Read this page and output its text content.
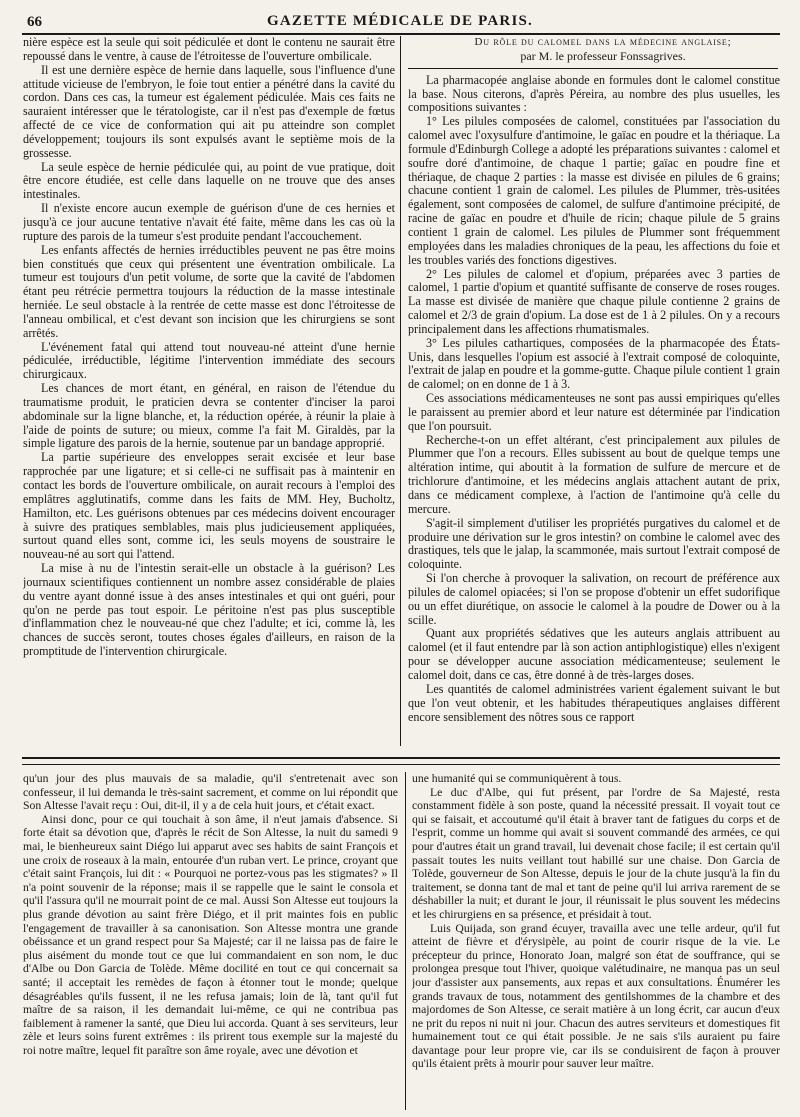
66	GAZETTE MÉDICALE DE PARIS.

nière espèce est la seule qui soit pédiculée et dont le contenu ne saurait être repoussé dans le ventre, à cause de l'étroitesse de l'ouverture ombilicale.

Il est une dernière espèce de hernie dans laquelle, sous l'influence d'une attitude vicieuse de l'embryon, le foie tout entier a pénétré dans la cavité du cordon. Dans ces cas, la tumeur est également pédiculée. Mais ces faits ne sauraient intéresser que le tératologiste, car il n'est pas d'exemple de fœtus affecté de ce vice de conformation qui ait pu atteindre son complet développement; toujours ils sont expulsés avant le septième mois de la grossesse.

La seule espèce de hernie pédiculée qui, au point de vue pratique, doit être encore étudiée, est celle dans laquelle on ne trouve que des anses intestinales.

Il n'existe encore aucun exemple de guérison d'une de ces hernies et jusqu'à ce jour aucune tentative n'avait été faite, même dans les cas où la rupture des parois de la tumeur s'est produite pendant l'accouchement.

Les enfants affectés de hernies irréductibles peuvent ne pas être moins bien constitués que ceux qui présentent une éventration ombilicale. La tumeur est toujours d'un petit volume, de sorte que la cavité de l'abdomen étant peu rétrécie permettra toujours la réduction de la masse intestinale herniée. Le seul obstacle à la rentrée de cette masse est donc l'étroitesse de l'anneau ombilical, et c'est devant son incision que les chirurgiens se sont arrêtés.

L'événement fatal qui attend tout nouveau-né atteint d'une hernie pédiculée, irréductible, légitime l'intervention immédiate des secours chirurgicaux.

Les chances de mort étant, en général, en raison de l'étendue du traumatisme produit, le praticien devra se contenter d'inciser la paroi abdominale sur la ligne blanche, et, la réduction opérée, à réunir la plaie à l'aide de points de suture; ou mieux, comme l'a fait M. Giraldès, par la simple ligature des parois de la hernie, soutenue par un bandage approprié.

La partie supérieure des enveloppes serait excisée et leur base rapprochée par une ligature; et si celle-ci ne suffisait pas à maintenir en contact les bords de l'ouverture ombilicale, on aurait recours à l'emploi des emplâtres agglutinatifs, comme dans les faits de MM. Hey, Bucholtz, Hamilton, etc. Les guérisons obtenues par ces médecins doivent encourager à suivre des pratiques semblables, mais plus judicieusement appliquées, surtout quand elles sont, comme ici, les seuls moyens de soustraire le nouveau-né au sort qui l'attend.

La mise à nu de l'intestin serait-elle un obstacle à la guérison? Les journaux scientifiques contiennent un nombre assez considérable de plaies du ventre ayant donné issue à des anses intestinales et qui ont guéri, pour qu'on ne perde pas tout espoir. Le péritoine n'est pas plus susceptible d'inflammation chez le nouveau-né que chez l'adulte; et ici, comme là, les chances de succès seront, toutes choses égales d'ailleurs, en raison de la promptitude de l'intervention chirurgicale.

Du rôle du calomel dans la médecine anglaise;

par M. le professeur Fonssagrives.

La pharmacopée anglaise abonde en formules dont le calomel constitue la base. Nous citerons, d'après Péreira, au nombre des plus usuelles, les compositions suivantes :

1° Les pilules composées de calomel, constituées par l'association du calomel avec l'oxysulfure d'antimoine, le gaïac en poudre et la thériaque. La formule d'Edinburgh College a adopté les préparations suivantes : calomel et soufre doré d'antimoine, de chaque 1 partie; gaïac en poudre fine et thériaque, de chaque 2 parties : la masse est divisée en pilules de 6 grains; chacune contient 1 grain de calomel. Les pilules de Plummer, très-usitées également, sont composées de calomel, de sulfure d'antimoine précipité, de racine de gaïac en poudre et d'huile de ricin; chaque pilule de 5 grains contient 1 grain de calomel. Les pilules de Plummer sont fréquemment employées dans les maladies chroniques de la peau, les affections du foie et les troubles variés des fonctions digestives.

2° Les pilules de calomel et d'opium, préparées avec 3 parties de calomel, 1 partie d'opium et quantité suffisante de conserve de roses rouges. La masse est divisée de manière que chaque pilule contienne 2 grains de calomel et 2/3 de grain d'opium. La dose est de 1 à 2 pilules. On y a recours principalement dans les affections rhumatismales.

3° Les pilules cathartiques, composées de la pharmacopée des États-Unis, dans lesquelles l'opium est associé à l'extrait composé de coloquinte, l'extrait de jalap en poudre et la gomme-gutte. Chaque pilule contient 1 grain de calomel; on en donne de 1 à 3.

Ces associations médicamenteuses ne sont pas aussi empiriques qu'elles le paraissent au premier abord et leur nature est déterminée par l'indication que l'on poursuit.

Recherche-t-on un effet altérant, c'est principalement aux pilules de Plummer que l'on a recours. Elles subissent au bout de quelque temps une altération intime, qui aboutit à la formation de sulfure de mercure et de trichlorure d'antimoine, et les médecins anglais attachent autant de prix, dans ce médicament complexe, à l'action de l'antimoine qu'à celle du mercure.

S'agit-il simplement d'utiliser les propriétés purgatives du calomel et de produire une dérivation sur le gros intestin? on combine le calomel avec des drastiques, tels que le jalap, la scammonée, mais surtout l'extrait composé de coloquinte.

Si l'on cherche à provoquer la salivation, on recourt de préférence aux pilules de calomel opiacées; si l'on se propose d'obtenir un effet sudorifique ou un effet diurétique, on associe le calomel à la poudre de Dower ou à la scille.

Quant aux propriétés sédatives que les auteurs anglais attribuent au calomel (et il faut entendre par là son action antiphlogistique) elles n'exigent pour se développer aucune association médicamenteuse; seulement le calomel doit, dans ce cas, être donné à de très-larges doses.

Les quantités de calomel administrées varient également suivant le but que l'on veut obtenir, et les habitudes thérapeutiques anglaises diffèrent encore sensiblement des nôtres sous ce rapport

qu'un jour des plus mauvais de sa maladie, qu'il s'entretenait avec son confesseur, il lui demanda le très-saint sacrement, et comme on lui répondit que Son Altesse l'avait reçu : Oui, dit-il, il y a de cela huit jours, et c'était exact.

Ainsi donc, pour ce qui touchait à son âme, il n'eut jamais d'absence. Si forte était sa dévotion que, d'après le récit de Son Altesse, la nuit du samedi 9 mai, le bienheureux saint Diégo lui apparut avec ses habits de saint François et une croix de roseaux à la main, entourée d'un ruban vert. Le prince, croyant que c'était saint François, lui dit : « Pourquoi ne portez-vous pas les stigmates? » Il n'a point souvenir de la réponse; mais il se rappelle que le saint le consola et qu'il l'assura qu'il ne mourrait point de ce mal. Aussi Son Altesse eut toujours la plus grande dévotion au saint frère Diégo, et il prit maintes fois en public l'engagement de travailler à sa canonisation. Son Altesse montra une grande obéissance et un grand respect pour Sa Majesté; car il ne laissa pas de faire le plus aisément du monde tout ce que lui commandaient en son nom, le duc d'Albe ou Don Garcia de Tolède. Même docilité en tout ce qui concernait sa santé; il acceptait les remèdes de façon à étonner tout le monde; quelque désagréables qu'ils fussent, il ne les refusa jamais; loin de là, tant qu'il fut maître de sa raison, il les demandait lui-même, ce qui ne contribua pas faiblement à ramener la santé, que Dieu lui accorda. Quant à ses serviteurs, leur zèle et leurs soins furent extrêmes : ils prirent tous exemple sur la majesté du roi notre maître, lequel fit paraître son âme royale, avec une dévotion et

une humanité qui se communiquèrent à tous.

Le duc d'Albe, qui fut présent, par l'ordre de Sa Majesté, resta constamment fidèle à son poste, quand la nécessité pressait. Il voyait tout ce qui se faisait, et accoutumé qu'il était à braver tant de fatigues du corps et de l'esprit, comme un homme qui avait si souvent commandé des armées, ce qui pour d'autres était un grand travail, lui devenait chose facile; il est certain qu'il passait toutes les nuits veillant tout habillé sur une chaise. Don Garcia de Tolède, gouverneur de Son Altesse, depuis le jour de la chute jusqu'à la fin du traitement, se donna tant de mal et tant de peine qu'il lui arriva rarement de se déshabiller la nuit; et durant le jour, il réunissait le plus souvent les médecins et les chirurgiens en sa présence, et présidait à tout.

Luis Quijada, son grand écuyer, travailla avec une telle ardeur, qu'il fut atteint de fièvre et d'érysipèle, au point de courir risque de la vie. Le précepteur du prince, Honorato Joan, malgré son état de souffrance, qui se prolongea presque tout l'hiver, quoique valétudinaire, ne manqua pas un seul jour d'assister aux pansements, aux repas et aux consultations. Énumérer les grands travaux de tous, notamment des gentilshommes de la chambre et des majordomes de Son Altesse, ce serait matière à un long écrit, car aucun d'eux ne prit du repos ni nuit ni jour. Chacun des autres serviteurs et domestiques fit humainement tout ce qui était possible. Je ne sais s'ils auraient pu faire davantage pour leur propre vie, car ils se conduisirent de façon à prouver qu'ils étaient prêts à mourir pour sauver leur maître.
